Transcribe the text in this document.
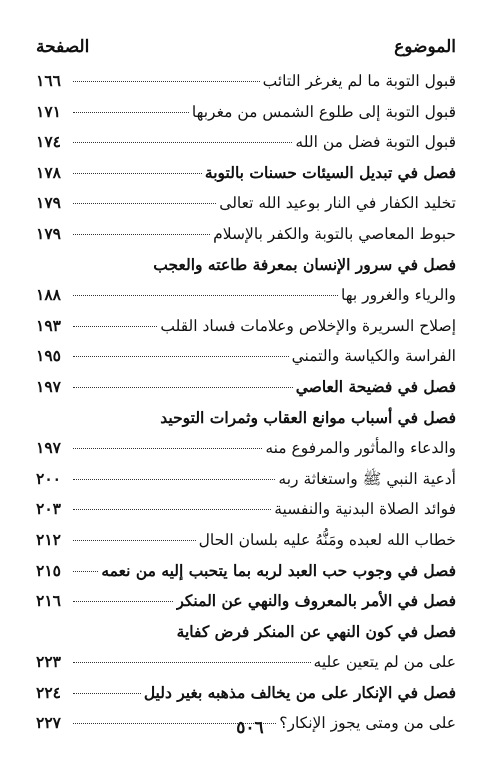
الصفحة	الموضوع
قبول التوبة ما لم يغرغر التائب
١٦٦
قبول التوبة إلى طلوع الشمس من مغربها
١٧١
قبول التوبة فضل من الله
١٧٤
فصل في تبديل السيئات حسنات بالتوبة
١٧٨
تخليد الكفار في النار بوعيد الله تعالى
١٧٩
حبوط المعاصي بالتوبة والكفر بالإسلام
١٧٩
فصل في سرور الإنسان بمعرفة طاعته والعجب
والرياء والغرور بها
١٨٨
إصلاح السريرة والإخلاص وعلامات فساد القلب
١٩٣
الفراسة والكياسة والتمني
١٩٥
فصل في فضيحة العاصي
١٩٧
فصل في أسباب موانع العقاب وثمرات التوحيد
والدعاء والمأثور والمرفوع منه
١٩٧
أدعية النبي ﷺ واستغاثة ربه
٢٠٠
فوائد الصلاة البدنية والنفسية
٢٠٣
خطاب الله لعبده ومَنُّهُ عليه بلسان الحال
٢١٢
فصل في وجوب حب العبد لربه بما يتحبب إليه من نعمه
٢١٥
فصل في الأمر بالمعروف والنهي عن المنكر
٢١٦
فصل في كون النهي عن المنكر فرض كفاية
على من لم يتعين عليه
٢٢٣
فصل في الإنكار على من يخالف مذهبه بغير دليل
٢٢٤
على من ومتى يجوز الإنكار؟
٢٢٧	٥٠٦
